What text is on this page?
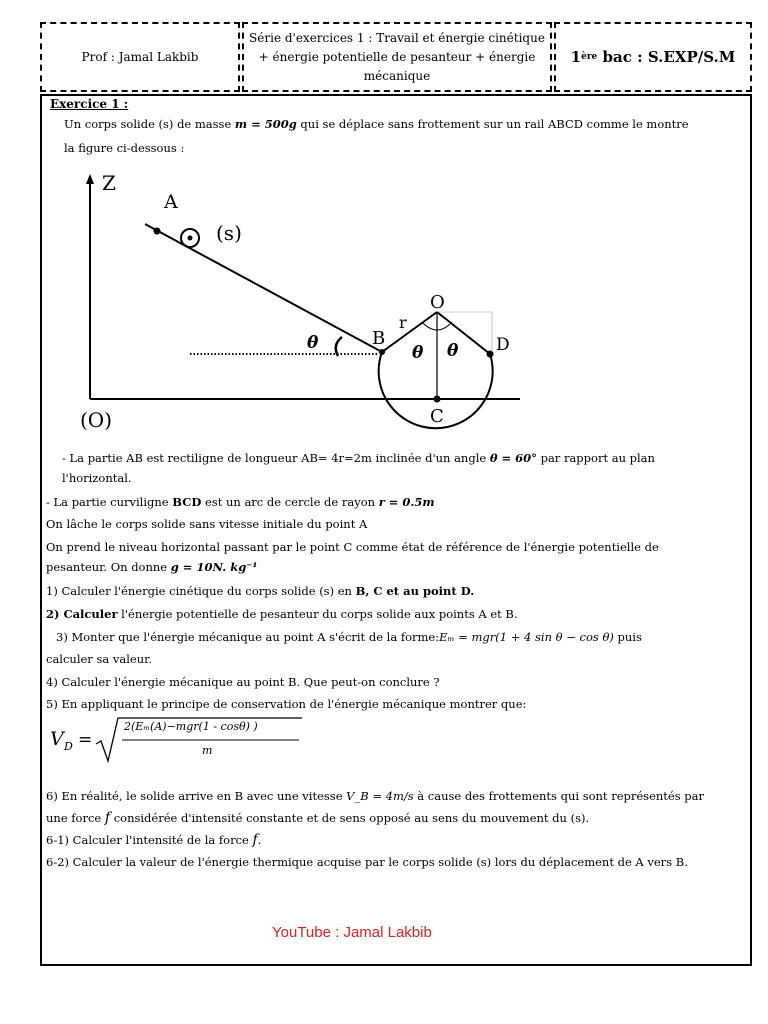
Prof : Jamal Lakbib
Série d'exercices 1 : Travail et énergie cinétique
+ énergie potentielle de pesanteur + énergie
mécanique
1 ère
bac : S.EXP/S.M
Exercice 1 :
Un corps solide (s) de masse m = 500g qui se déplace sans frottement sur un rail ABCD comme le montre
la figure ci-dessous :
Z
(O)
A
(s)
θ	B	D
O
r
θ θ
C
- La partie AB est rectiligne de longueur AB= 4r=2m inclinée d'un angle θ = 60° par rapport au plan
l'horizontal.
- La partie curviligne BCD est un arc de cercle de rayon r = 0.5m
On lâche le corps solide sans vitesse initiale du point A
On prend le niveau horizontal passant par le point C comme état de référence de l'énergie potentielle de
pesanteur. On donne g = 10N. kg⁻¹
1) Calculer l'énergie cinétique du corps solide (s) en B, C et au point D.
2) Calculer l'énergie potentielle de pesanteur du corps solide aux points A et B.
3) Monter que l'énergie mécanique au point A s'écrit de la forme:Eₘ = mgr(1 + 4 sin θ − cos θ) puis
calculer sa valeur.
4) Calculer l'énergie mécanique au point B. Que peut-on conclure ?
5) En appliquant le principe de conservation de l'énergie mécanique montrer que:
V D =
2(Eₘ(A)−mgr(1 - cosθ) )
m
6) En réalité, le solide arrive en B avec une vitesse V_B = 4m/s à cause des frottements qui sont représentés par
une force f considérée d'intensité constante et de sens opposé au sens du mouvement du (s).
6-1) Calculer l'intensité de la force f.
6-2) Calculer la valeur de l'énergie thermique acquise par le corps solide (s) lors du déplacement de A vers B.
YouTube : Jamal Lakbib
